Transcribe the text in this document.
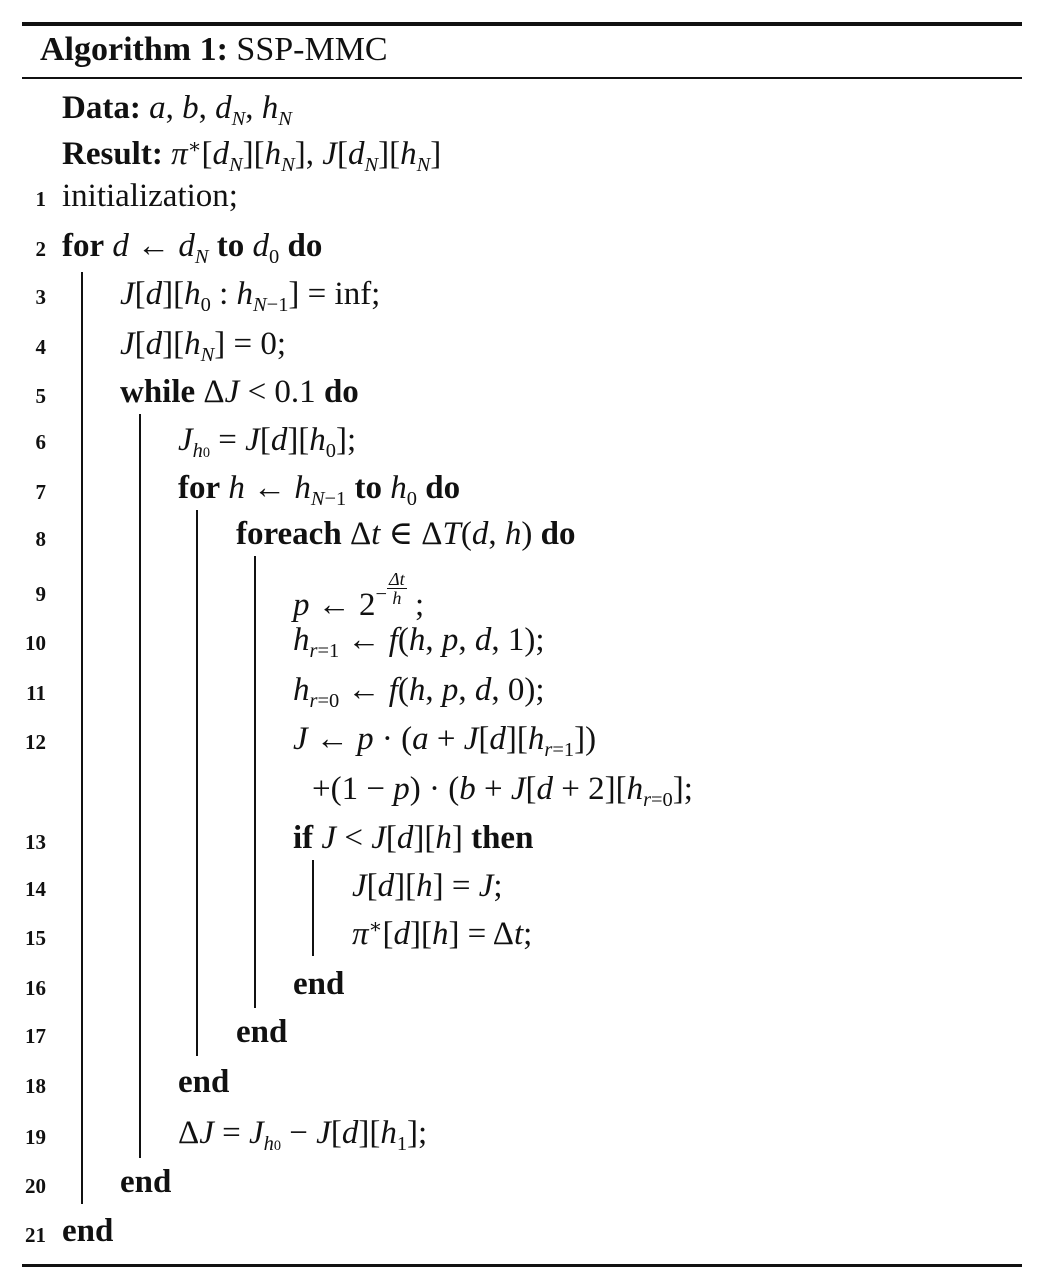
Algorithm 1: SSP-MMC
Data: a, b, $d_N$, $h_N$
Result: $\pi^∗[d_N][h_N]$, $J[d_N][h_N]$
1
2
3
4
5
6
7
8
9
10
11
12
13
14
15
16
17
18
19
20
21
initialization;
for d ← $d_N$ to $d_0$ do
$J[d][h_0$ : $h_{N-1}$] = inf;
$J[d][h_N] = 0$;
while ΔJ < 0.1 do
$J_{h0} = J[d][h_0]$;
for h ← $h_{N-1}$ to $h_0$ do
foreach Δt ∈ ΔT(d, h) do
p ← $2^- \frac{\Delta t}{h}$ ;
$h_{r=1}$ ← f(h, p, d, 1);
$h_{r=0}$ ← f(h, p, d, 0);
J ← $p \cdot (a + J[d][h_{r=1}])$
$+(1 - p) \cdot (b + J[d + 2][h_{r=0}]$;
if J < J[d][h] then
J[d][h] = J;
π∗[d][h] = Δt;
end
end
end
$\Delta J = J_{h0} - J[d][h_1]$;
end
end
